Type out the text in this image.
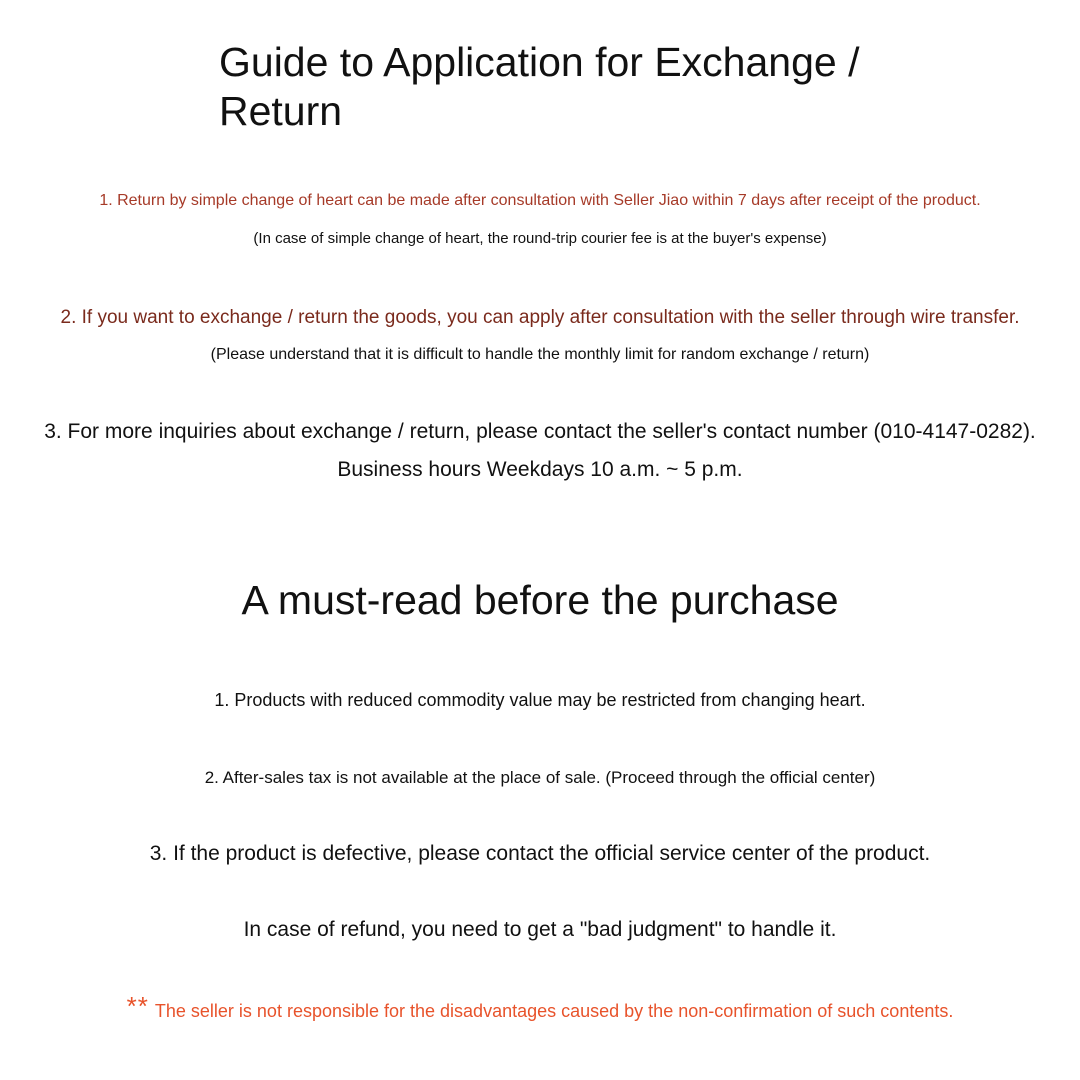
Guide to Application for Exchange / Return
1. Return by simple change of heart can be made after consultation with Seller Jiao within 7 days after receipt of the product.
(In case of simple change of heart, the round-trip courier fee is at the buyer's expense)
2. If you want to exchange / return the goods, you can apply after consultation with the seller through wire transfer.
(Please understand that it is difficult to handle the monthly limit for random exchange / return)
3. For more inquiries about exchange / return, please contact the seller's contact number (010-4147-0282).
Business hours Weekdays 10 a.m. ~ 5 p.m.
A must-read before the purchase
1. Products with reduced commodity value may be restricted from changing heart.
2. After-sales tax is not available at the place of sale. (Proceed through the official center)
3. If the product is defective, please contact the official service center of the product.
In case of refund, you need to get a "bad judgment" to handle it.
** The seller is not responsible for the disadvantages caused by the non-confirmation of such contents.
